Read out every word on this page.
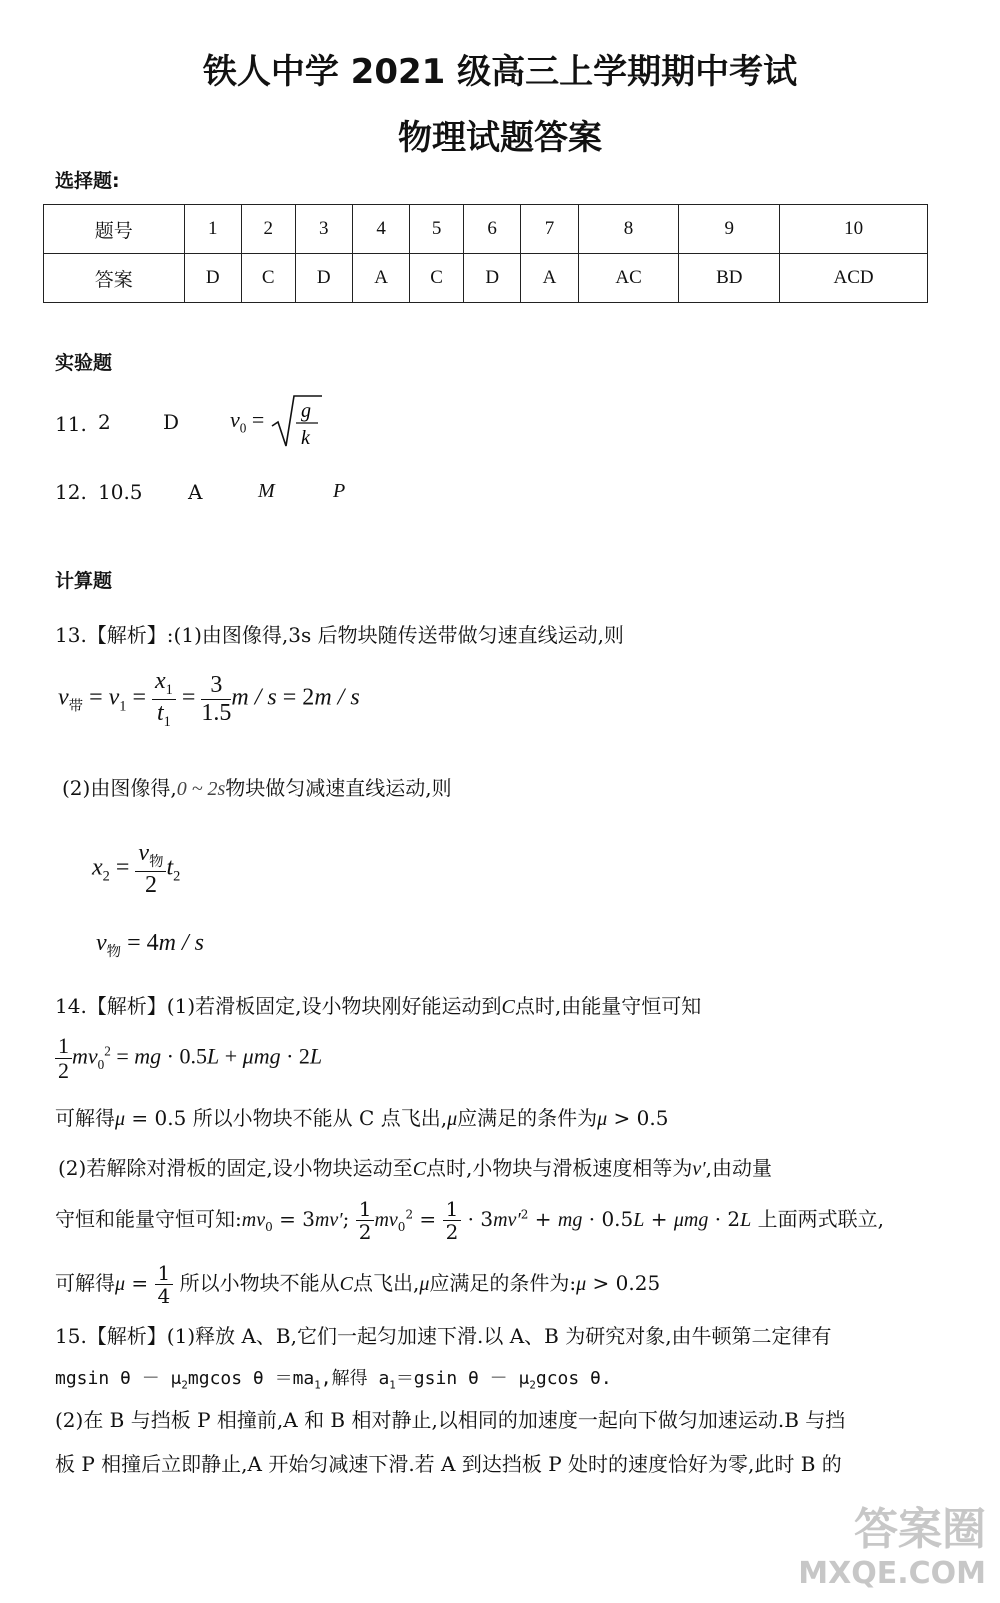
铁人中学 2021 级高三上学期期中考试
物理试题答案
选择题:
题号	1	2	3	4	5	6	7	8	9	10
答案	D	C	D	A	C	D	A	AC	BD	ACD
实验题
11. 2	D $v_0 = g$
k
12. 10.5 A	M	P
计算题
13.【解析】:(1)由图像得,3s 后物块随传送带做匀速直线运动,则
$v_带 = v_1 = \frac{x_1}{t_1} = \frac{3}{1.5}$ m / s = 2m / s
(2)由图像得,0 ~ 2s物块做匀减速直线运动,则
$x_2 = \frac{v_物}{2} t_2$
$v_物 = 4m / s$
14.【解析】(1)若滑板固定,设小物块刚好能运动到C点时,由能量守恒可知
$\frac{1}{2} mv_0^2$ = mg · 0.5L + μmg · 2L
可解得μ = 0.5 所以小物块不能从 C 点飞出,μ应满足的条件为μ > 0.5
(2)若解除对滑板的固定,设小物块运动至C点时,小物块与滑板速度相等为v′,由动量
守恒和能量守恒可知$:mv_0 = 3mv'$; $\frac{1}{2} mv_0^2 = \frac{1}{2} \cdot 3mv'^2$ + mg · 0.5L + μmg · 2L 上面两式联立,
可解得$\mu = \frac{1}{4}$ 所以小物块不能从C点飞出,μ应满足的条件为:μ > 0.25
15.【解析】(1)释放 A、B,它们一起匀加速下滑.以 A、B 为研究对象,由牛顿第二定律有
mgsin $\theta - \mu_2mgcos$ $\theta =ma_1$,解得 $a_1=gsin$ $\theta - \mu_2gcos$ θ.
(2)在 B 与挡板 P 相撞前,A 和 B 相对静止,以相同的加速度一起向下做匀加速运动.B 与挡
板 P 相撞后立即静止,A 开始匀减速下滑.若 A 到达挡板 P 处时的速度恰好为零,此时 B 的
答案圈
MXQE.COM
